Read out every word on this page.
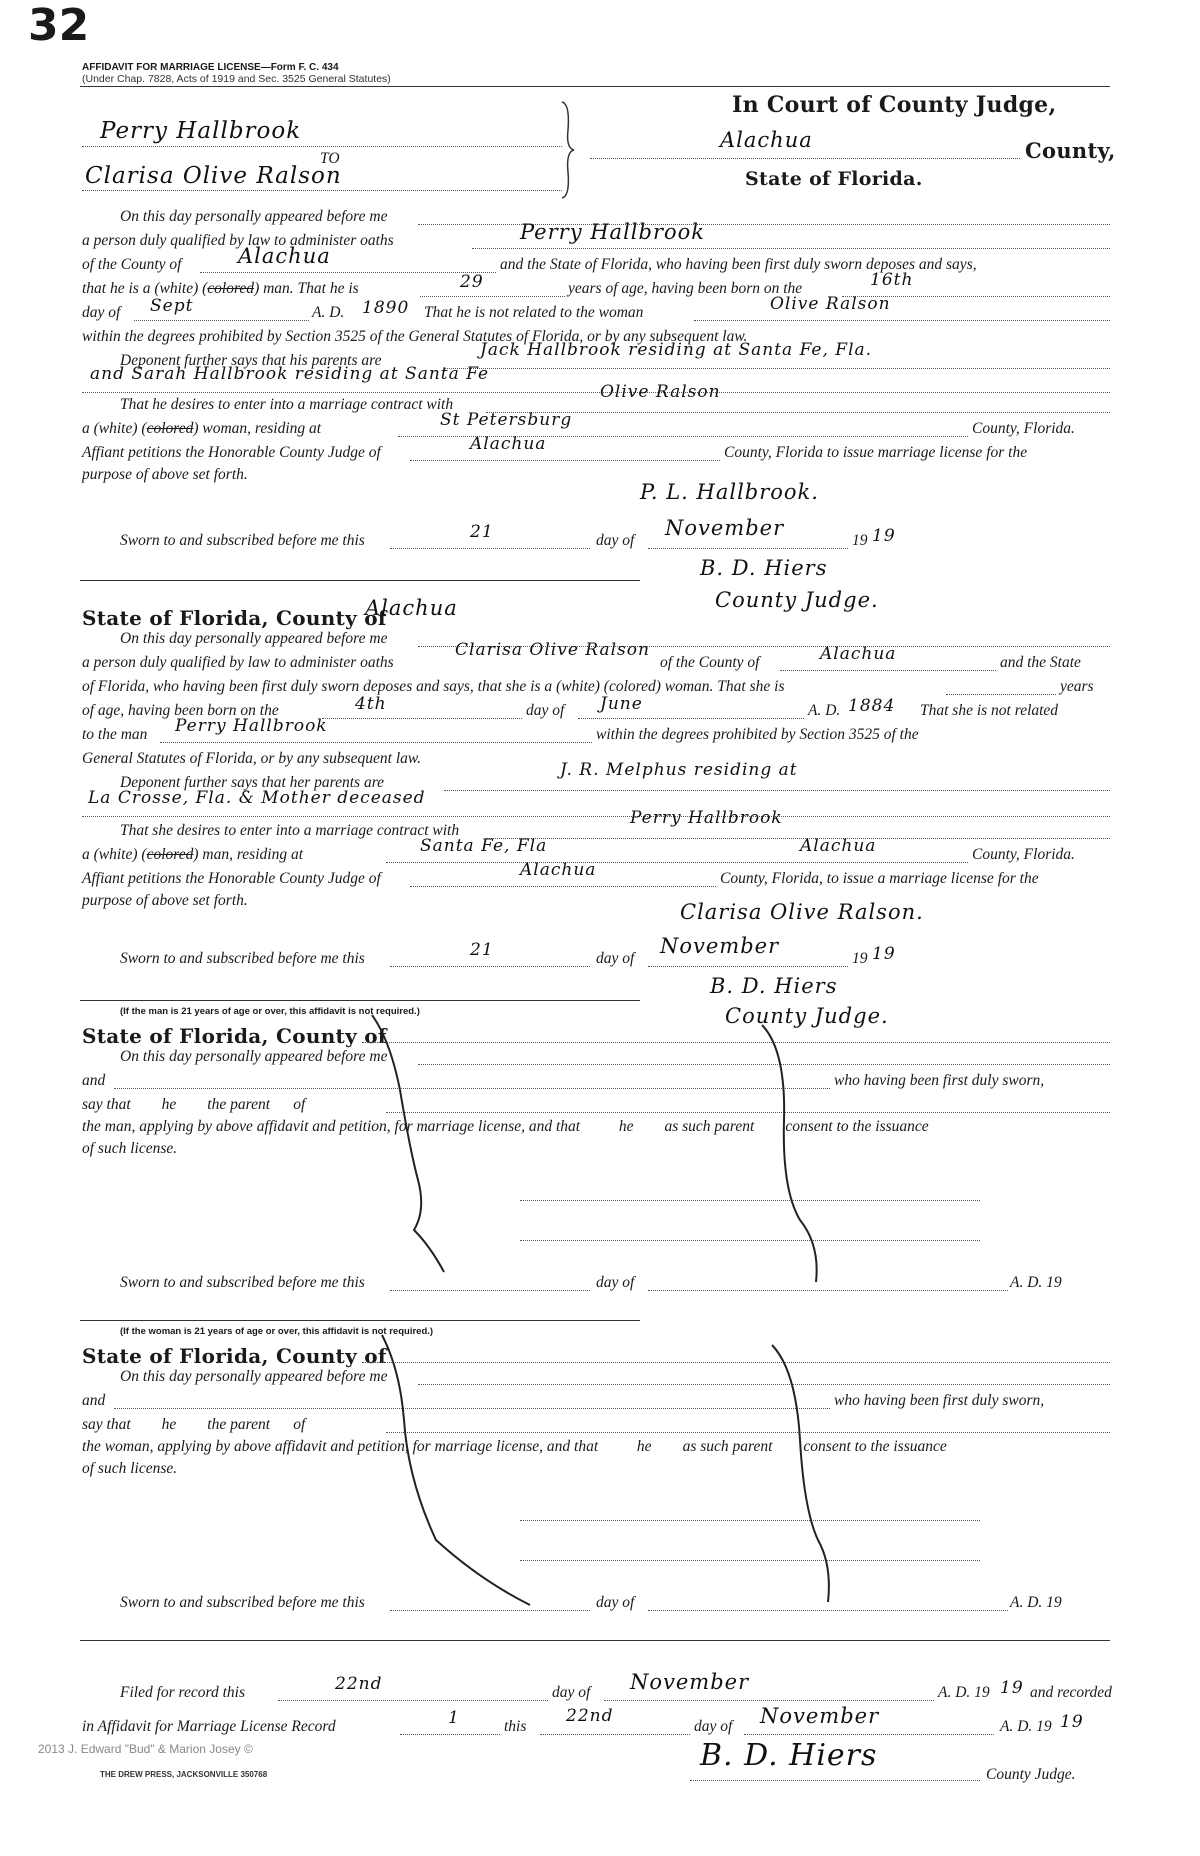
32
AFFIDAVIT FOR MARRIAGE LICENSE—Form F. C. 434
(Under Chap. 7828, Acts of 1919 and Sec. 3525 General Statutes)
In Court of County Judge,
Alachua	County,
State of Florida.
Perry Hallbrook
TO
Clarisa Olive Ralson
On this day personally appeared before me
a person duly qualified by law to administer oaths	Perry Hallbrook
of the County of	Alachua	and the State of Florida, who having been first duly sworn deposes and says,
that he is a (white) (colored) man. That he is	29	years of age, having been born on the	16th
day of Sept	A. D. 1890 That he is not related to the woman	Olive Ralson
within the degrees prohibited by Section 3525 of the General Statutes of Florida, or by any subsequent law.
Deponent further says that his parents are
Jack Hallbrook residing at Santa Fe, Fla.
and Sarah Hallbrook residing at Santa Fe
That he desires to enter into a marriage contract with
Olive Ralson
a (white) (colored) woman, residing at	St Petersburg	County, Florida.
Affiant petitions the Honorable County Judge of	Alachua	County, Florida to issue marriage license for the
purpose of above set forth.
P. L. Hallbrook.
Sworn to and subscribed before me this	21	day of
November
19 19
B. D. Hiers
County Judge.
State of Florida, County of
Alachua
On this day personally appeared before me
a person duly qualified by law to administer oaths
Clarisa Olive Ralson
of the County of	Alachua	and the State
of Florida, who having been first duly sworn deposes and says, that she is a (white) (colored) woman. That she is	years
of age, having been born on the	4th	day of June	A. D. 1884 That she is not related
to the man Perry Hallbrook	within the degrees prohibited by Section 3525 of the
General Statutes of Florida, or by any subsequent law.
Deponent further says that her parents are
J. R. Melphus residing at
La Crosse, Fla. & Mother deceased
That she desires to enter into a marriage contract with
Perry Hallbrook
a (white) (colored) man, residing at	Santa Fe, Fla	Alachua	County, Florida.
Affiant petitions the Honorable County Judge of	Alachua	County, Florida, to issue a marriage license for the
purpose of above set forth.	Clarisa Olive Ralson.
Sworn to and subscribed before me this	21	day of
November
19 19
B. D. Hiers
County Judge.
(If the man is 21 years of age or over, this affidavit is not required.)
State of Florida, County of
On this day personally appeared before me
and	who having been first duly sworn,
say that he the parent of
the man, applying by above affidavit and petition, for marriage license, and that	he as such parent consent to the issuance
of such license.
Sworn to and subscribed before me this	day of	A. D. 19
(If the woman is 21 years of age or over, this affidavit is not required.)
State of Florida, County of
On this day personally appeared before me
and	who having been first duly sworn,
say that he the parent of
the woman, applying by above affidavit and petition, for marriage license, and that	he as such parent consent to the issuance
of such license.
Sworn to and subscribed before me this	day of	A. D. 19
Filed for record this	22nd	day of November	A. D. 19 19 and recorded
in Affidavit for Marriage License Record	1	this
22nd
day of November	A. D. 19 19
B. D. Hiers
County Judge.
2013 J. Edward "Bud" & Marion Josey ©
THE DREW PRESS, JACKSONVILLE 350768
